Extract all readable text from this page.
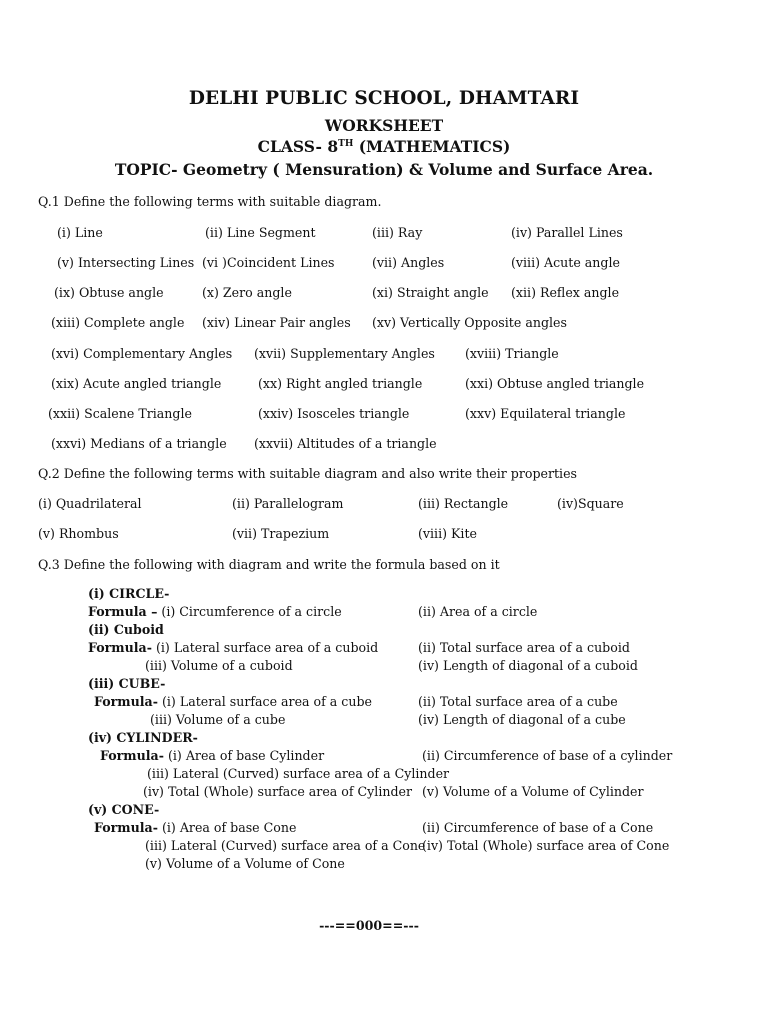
DELHI PUBLIC SCHOOL, DHAMTARI
WORKSHEET
CLASS- 8TH (MATHEMATICS)
TOPIC- Geometry ( Mensuration) & Volume and Surface Area.
Q.1 Define the following terms with suitable diagram.
(i) Line	(ii) Line Segment	(iii) Ray	(iv) Parallel Lines
(v) Intersecting Lines (vi )Coincident Lines	(vii) Angles	(viii) Acute angle
(ix) Obtuse angle	(x) Zero angle	(xi) Straight angle (xii) Reflex angle
(xiii) Complete angle (xiv) Linear Pair angles (xv) Vertically Opposite angles
(xvi) Complementary Angles (xvii) Supplementary Angles (xviii) Triangle
(xix) Acute angled triangle	(xx) Right angled triangle	(xxi) Obtuse angled triangle
(xxii) Scalene Triangle	(xxiv) Isosceles triangle	(xxv) Equilateral triangle
(xxvi) Medians of a triangle (xxvii) Altitudes of a triangle
Q.2 Define the following terms with suitable diagram and also write their properties
(i) Quadrilateral	(ii) Parallelogram	(iii) Rectangle	(iv)Square
(v) Rhombus	(vii) Trapezium	(viii) Kite
Q.3 Define the following with diagram and write the formula based on it
(i) CIRCLE-
Formula – (i) Circumference of a circle	(ii) Area of a circle
(ii) Cuboid
Formula- (i) Lateral surface area of a cuboid	(ii) Total surface area of a cuboid
(iii) Volume of a cuboid	(iv) Length of diagonal of a cuboid
(iii) CUBE-
Formula- (i) Lateral surface area of a cube	(ii) Total surface area of a cube
(iii) Volume of a cube	(iv) Length of diagonal of a cube
(iv) CYLINDER-
Formula- (i) Area of base Cylinder	(ii) Circumference of base of a cylinder
(iii) Lateral (Curved) surface area of a Cylinder
(iv) Total (Whole) surface area of Cylinder (v) Volume of a Volume of Cylinder
(v) CONE-
Formula- (i) Area of base Cone	(ii) Circumference of base of a Cone
(iii) Lateral (Curved) surface area of a Cone
(iv) Total (Whole) surface area of Cone
(v) Volume of a Volume of Cone
---==000==---
